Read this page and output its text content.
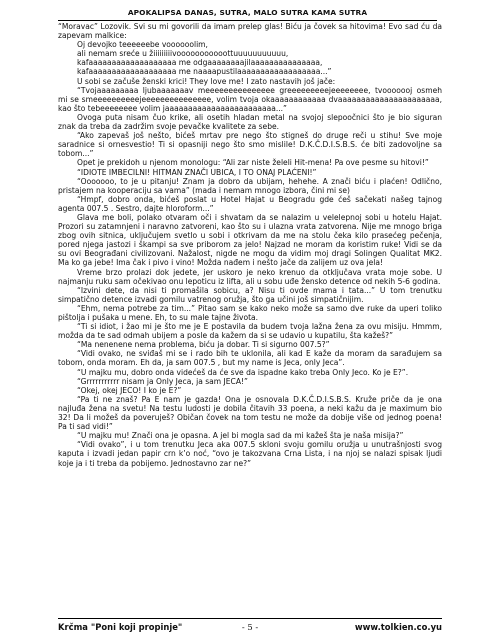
APOKALIPSA DANAS, SUTRA, MALO SUTRA KAMA SUTRA

“Moravac” Lozovik. Svi su mi govorili da imam prelep glas! Biću ja čovek sa hitovima! Evo sad ću da zapevam malkice:

Oj devojko teeeeeebe voooooolim,

ali nemam sreće u žiiiiiiiiivooooooooooottuuuuuuuuuuu,

kafaaaaaaaaaaaaaaaaaaa me odgaaaaaaaajilaaaaaaaaaaaaaaa,

kafaaaaaaaaaaaaaaaaaaa me naaaapustilaaaaaaaaaaaaaaaaaa...”

U sobi se začuše ženski krici! They love me! I zato nastavih još jače:

“Tvojaaaaaaaaa ljubaaaaaaav meeeeeeeeeeeeeee greeeeeeeeejeeeeeeee, tvooooooj osmeh mi se smeeeeeeeeeejeeeeeeeeeeeeeee, volim tvoja okaaaaaaaaaaaa dvaaaaaaaaaaaaaaaaaaaaaa, kao što tebeeeeeeee volim jaaaaaaaaaaaaaaaaaaaaaaaa...”

Ovoga puta nisam čuo krike, ali osetih hladan metal na svojoj slepoočnici što je bio siguran znak da treba da zadržim svoje pevačke kvalitete za sebe.

“Ako zapevaš još nešto, bićeš mrtav pre nego što stigneš do druge reči u stihu! Sve moje saradnice si ornesvestio! Ti si opasniji nego što smo mislile! D.K.Č.D.I.S.B.S. će biti zadovoljne sa tobom...”

Opet je prekidoh u njenom monologu: “Ali zar niste želeli Hit-mena! Pa ove pesme su hitovi!”

“IDIOTE IMBECILNI! HITMAN ZNAČI UBICA, I TO ONAJ PLAĆENI!”

“Ooooooo, to je u pitanju! Znam ja dobro da ubijam, hehehe. A znači biću i plaćen! Odlično, pristajem na kooperaciju sa vama” (mada i nemam mnogo izbora, čini mi se)

“Hmpf, dobro onda, bićeš poslat u Hotel Hajat u Beogradu gde ćeš sačekati našeg tajnog agenta 007.5 . Sestro, dajte hloroform...”

Glava me boli, polako otvaram oči i shvatam da se nalazim u velelepnoj sobi u hotelu Hajat. Prozori su zatamnjeni i naravno zatvoreni, kao što su i ulazna vrata zatvorena. Nije me mnogo briga zbog ovih sitnica, uključujem svetlo u sobi i otkrivam da me na stolu čeka kilo prasećeg pečenja, pored njega jastozi i škampi sa sve priborom za jelo! Najzad ne moram da koristim rukе! Vidi se da su ovi Beograđani civilizovani. Nažalost, nigde ne mogu da vidim moj dragi Solingen Qualitat MK2. Ma ko ga jebe! Ima čak i pivo i vino! Možda nađem i nešto jače da zalijem uz ova jela!

Vreme brzo prolazi dok jedete, jer uskoro je neko krenuo da otključava vrata moje sobe. U najmanju ruku sam očekivao onu lepoticu iz lifta, ali u sobu uđe žensko detence od nekih 5-6 godina.

“Izvini dete, da nisi ti promašila sobicu, a? Nisu ti ovde mama i tata...” U tom trenutku simpatično detence izvadi gomilu vatrenog oružja, što ga učini još simpatičnijim.

“Ehm, nema potrebe za tim...” Pitao sam se kako neko može sa samo dve ruke da uperi toliko pištolja i pušaka u mene. Eh, to su male tajne života.

“Ti si idiot, i žao mi je što me je E postavila da budem tvoja lažna žena za ovu misiju. Hmmm, možda da te sad odmah ubijem a posle da kažem da si se udavio u kupatilu, šta kažeš?”

“Ma nenenene nema problema, biću ja dobar. Ti si sigurno 007.5?”

“Vidi ovako, ne sviđaš mi se i rado bih te uklonila, ali kad E kaže da moram da sarađujem sa tobom, onda moram. Eh da, ja sam 007.5 , but my name is Jeca, only Jeca”.

“U majku mu, dobro onda videćeš da će sve da ispadne kako treba Only Jeco. Ko je E?”.

“Grrrrrrrrrrr nisam ja Only Jeca, ja sam JECA!”

“Okej, okej JECO! I ko je E?”

“Pa ti ne znaš? Pa E nam je gazda! Ona je osnovala D.K.Č.D.I.S.B.S. Kruže priče da je ona najluđa žena na svetu! Na testu ludosti je dobila čitavih 33 poena, a neki kažu da je maximum bio 32! Da li možeš da poveruješ? Običan čovek na tom testu ne može da dobije više od jednog poena! Pa ti sad vidi!”

“U majku mu! Znači ona je opasna. A jel bi mogla sad da mi kažeš šta je naša misija?”

“Vidi ovako”, i u tom trenutku Jeca aka 007.5 skloni svoju gomilu oružja u unutrašnjosti svog kaputa i izvadi jedan papir crn k’o noć, “ovo je takozvana Crna Lista, i na njoj se nalazi spisak ljudi koje ja i ti treba da pobijemo. Jednostavno zar ne?”

Krčma "Poni koji propinje"	- 5 -	www.tolkien.co.yu
